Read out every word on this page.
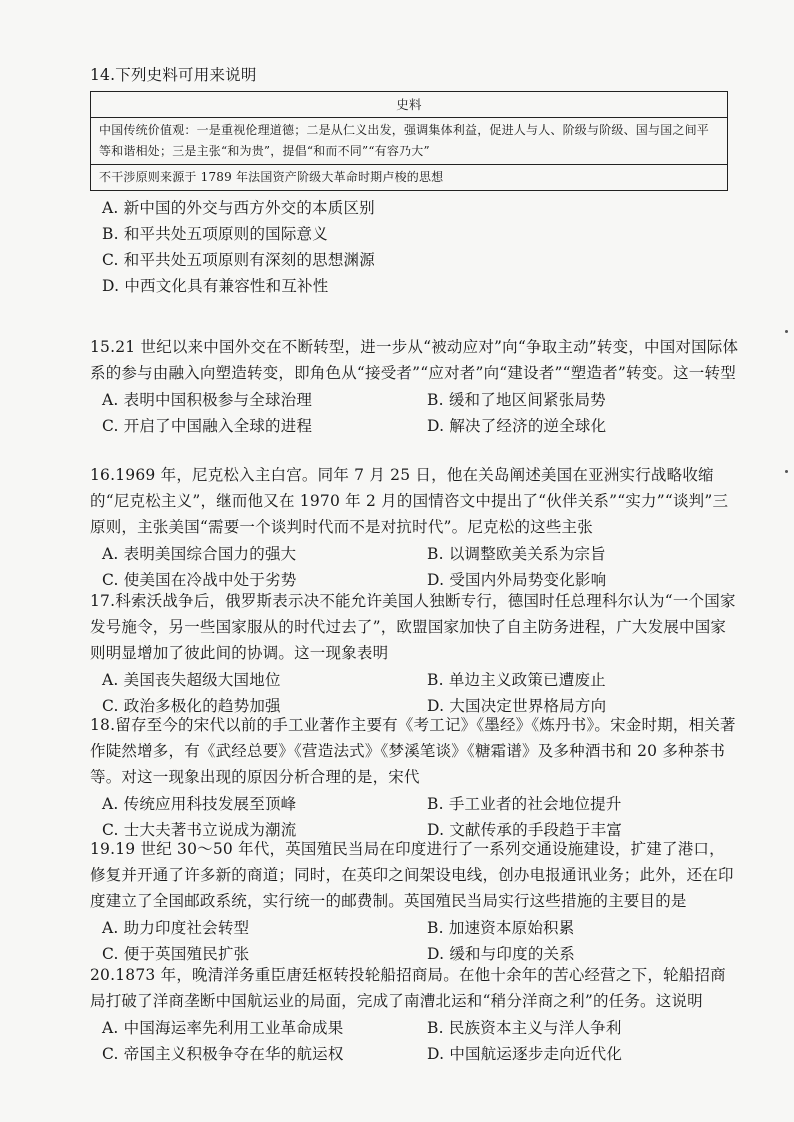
14.下列史料可用来说明

史料
中国传统价值观：一是重视伦理道德；二是从仁义出发，强调集体利益，促进人与人、阶级与阶级、国与国之间平等和谐相处；三是主张“和为贵”，提倡“和而不同”“有容乃大”
不干涉原则来源于 1789 年法国资产阶级大革命时期卢梭的思想
A. 新中国的外交与西方外交的本质区别
B. 和平共处五项原则的国际意义
C. 和平共处五项原则有深刻的思想渊源
D. 中西文化具有兼容性和互补性

15.21 世纪以来中国外交在不断转型，进一步从“被动应对”向“争取主动”转变，中国对国际体系的参与由融入向塑造转变，即角色从“接受者”“应对者”向“建设者”“塑造者”转变。这一转型

A. 表明中国积极参与全球治理	B. 缓和了地区间紧张局势
C. 开启了中国融入全球的进程	D. 解决了经济的逆全球化

16.1969 年，尼克松入主白宫。同年 7 月 25 日，他在关岛阐述美国在亚洲实行战略收缩的“尼克松主义”，继而他又在 1970 年 2 月的国情咨文中提出了“伙伴关系”“实力”“谈判”三原则，主张美国“需要一个谈判时代而不是对抗时代”。尼克松的这些主张

A. 表明美国综合国力的强大	B. 以调整欧美关系为宗旨
C. 使美国在冷战中处于劣势	D. 受国内外局势变化影响

17.科索沃战争后，俄罗斯表示决不能允许美国人独断专行，德国时任总理科尔认为“一个国家发号施令，另一些国家服从的时代过去了”，欧盟国家加快了自主防务进程，广大发展中国家则明显增加了彼此间的协调。这一现象表明

A. 美国丧失超级大国地位	B. 单边主义政策已遭废止
C. 政治多极化的趋势加强	D. 大国决定世界格局方向

18.留存至今的宋代以前的手工业著作主要有《考工记》《墨经》《炼丹书》。宋金时期，相关著作陡然增多，有《武经总要》《营造法式》《梦溪笔谈》《糖霜谱》及多种酒书和 20 多种茶书等。对这一现象出现的原因分析合理的是，宋代

A. 传统应用科技发展至顶峰	B. 手工业者的社会地位提升
C. 士大夫著书立说成为潮流	D. 文献传承的手段趋于丰富

19.19 世纪 30～50 年代，英国殖民当局在印度进行了一系列交通设施建设，扩建了港口，修复并开通了许多新的商道；同时，在英印之间架设电线，创办电报通讯业务；此外，还在印度建立了全国邮政系统，实行统一的邮费制。英国殖民当局实行这些措施的主要目的是

A. 助力印度社会转型	B. 加速资本原始积累
C. 便于英国殖民扩张	D. 缓和与印度的关系

20.1873 年，晚清洋务重臣唐廷枢转投轮船招商局。在他十余年的苦心经营之下，轮船招商局打破了洋商垄断中国航运业的局面，完成了南漕北运和“稍分洋商之利”的任务。这说明

A. 中国海运率先利用工业革命成果	B. 民族资本主义与洋人争利
C. 帝国主义积极争夺在华的航运权	D. 中国航运逐步走向近代化
